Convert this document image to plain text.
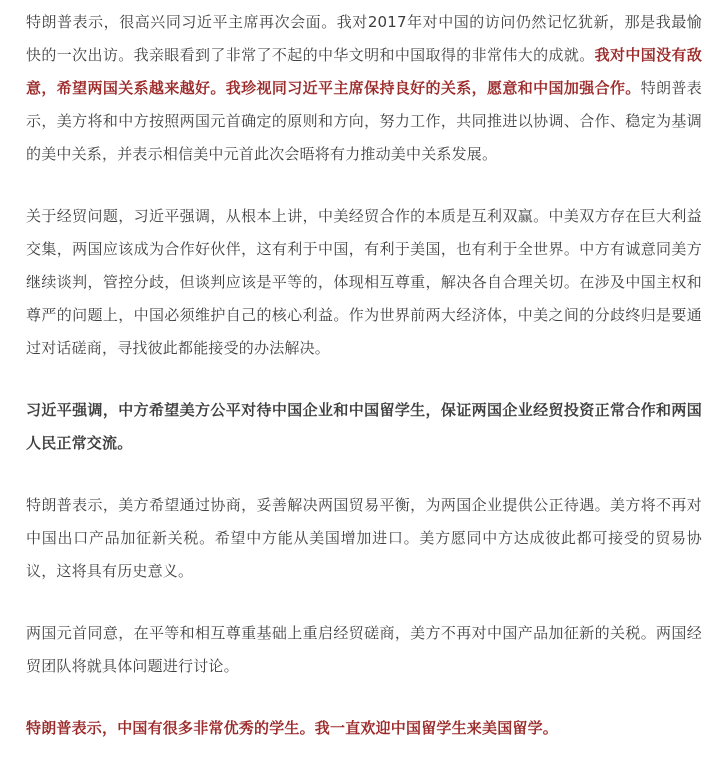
特朗普表示，很高兴同习近平主席再次会面。我对2017年对中国的访问仍然记忆犹新，那是我最愉快的一次出访。我亲眼看到了非常了不起的中华文明和中国取得的非常伟大的成就。我对中国没有敌意，希望两国关系越来越好。我珍视同习近平主席保持良好的关系，愿意和中国加强合作。特朗普表示，美方将和中方按照两国元首确定的原则和方向，努力工作，共同推进以协调、合作、稳定为基调的美中关系，并表示相信美中元首此次会晤将有力推动美中关系发展。

关于经贸问题，习近平强调，从根本上讲，中美经贸合作的本质是互利双赢。中美双方存在巨大利益交集，两国应该成为合作好伙伴，这有利于中国，有利于美国，也有利于全世界。中方有诚意同美方继续谈判，管控分歧，但谈判应该是平等的，体现相互尊重，解决各自合理关切。在涉及中国主权和尊严的问题上，中国必须维护自己的核心利益。作为世界前两大经济体，中美之间的分歧终归是要通过对话磋商，寻找彼此都能接受的办法解决。

习近平强调，中方希望美方公平对待中国企业和中国留学生，保证两国企业经贸投资正常合作和两国人民正常交流。

特朗普表示，美方希望通过协商，妥善解决两国贸易平衡，为两国企业提供公正待遇。美方将不再对中国出口产品加征新关税。希望中方能从美国增加进口。美方愿同中方达成彼此都可接受的贸易协议，这将具有历史意义。

两国元首同意，在平等和相互尊重基础上重启经贸磋商，美方不再对中国产品加征新的关税。两国经贸团队将就具体问题进行讨论。

特朗普表示，中国有很多非常优秀的学生。我一直欢迎中国留学生来美国留学。
